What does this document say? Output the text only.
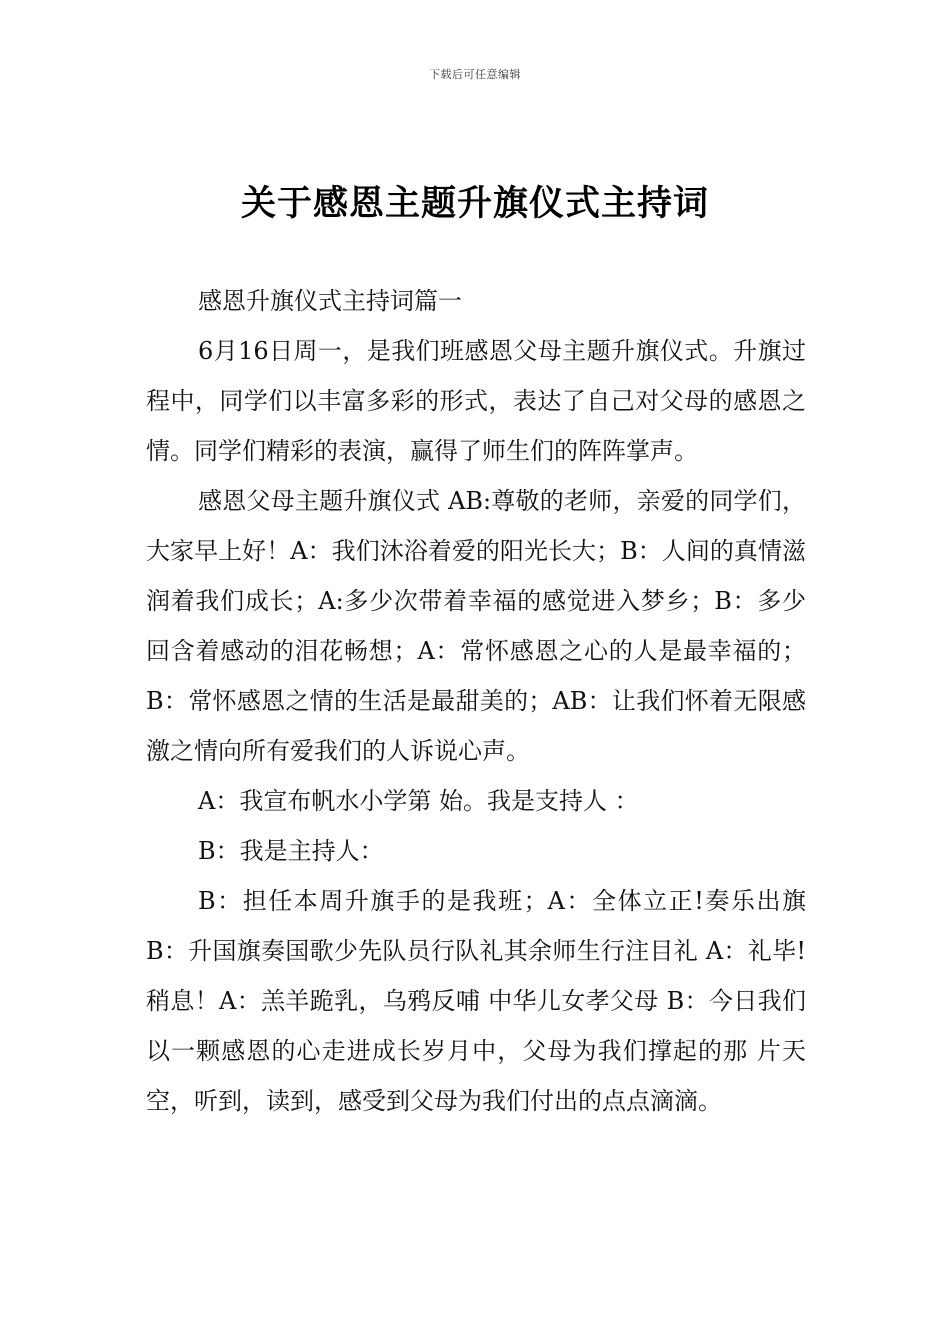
下载后可任意编辑
关于感恩主题升旗仪式主持词

感恩升旗仪式主持词篇一

6月16日周一，是我们班感恩父母主题升旗仪式。升旗过程中，同学们以丰富多彩的形式，表达了自己对父母的感恩之情。同学们精彩的表演，赢得了师生们的阵阵掌声。

感恩父母主题升旗仪式 AB:尊敬的老师，亲爱的同学们，大家早上好！A：我们沐浴着爱的阳光长大；B：人间的真情滋润着我们成长；A:多少次带着幸福的感觉进入梦乡；B：多少回含着感动的泪花畅想；A：常怀感恩之心的人是最幸福的；B：常怀感恩之情的生活是最甜美的；AB：让我们怀着无限感激之情向所有爱我们的人诉说心声。

A：我宣布帆水小学第 始。我是支持人 ：

B：我是主持人：

B：担任本周升旗手的是我班；A：全体立正!奏乐出旗B：升国旗奏国歌少先队员行队礼其余师生行注目礼 A：礼毕!稍息！A：羔羊跪乳，乌鸦反哺 中华儿女孝父母 B：今日我们以一颗感恩的心走进成长岁月中，父母为我们撑起的那 片天空，听到，读到，感受到父母为我们付出的点点滴滴。
